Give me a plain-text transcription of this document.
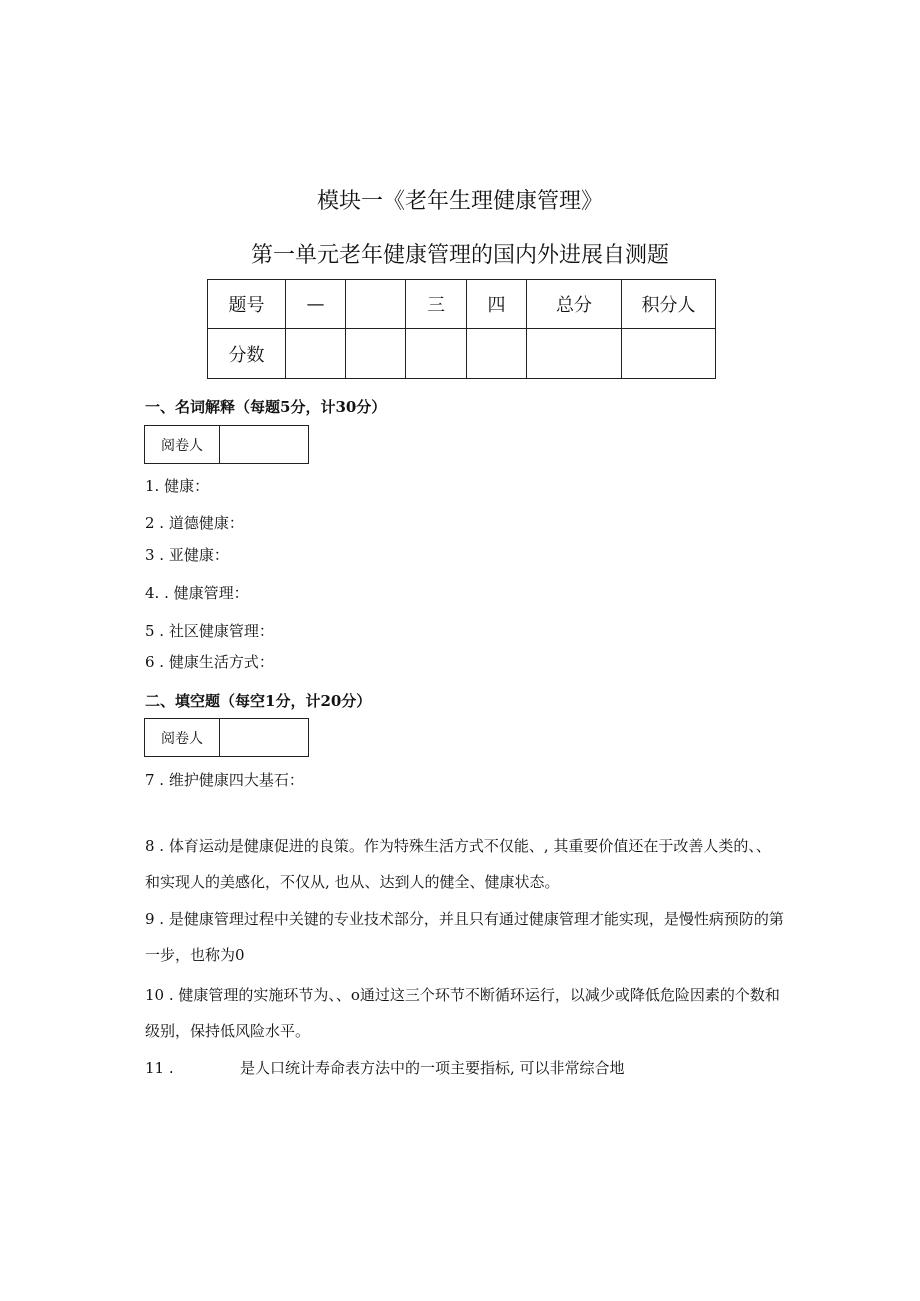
模块一《老年生理健康管理》
第一单元老年健康管理的国内外进展自测题
题号	—		三	四	总分	积分人
分数						
一、名词解释（每题5分，计30分）
阅卷人	
1. 健康：
2 . 道德健康：
3 . 亚健康：
4. . 健康管理：
5 . 社区健康管理：
6 . 健康生活方式：
二、填空题（每空1分，计20分）
阅卷人	
7 . 维护健康四大基石：
8 . 体育运动是健康促进的良策。作为特殊生活方式不仅能、, 其重要价值还在于改善人类的、、和实现人的美感化，不仅从, 也从、达到人的健全、健康状态。
9 . 是健康管理过程中关键的专业技术部分，并且只有通过健康管理才能实现，是慢性病预防的第一步，也称为0
10 . 健康管理的实施环节为、、o通过这三个环节不断循环运行，以减少或降低危险因素的个数和级别，保持低风险水平。
11 .	是人口统计寿命表方法中的一项主要指标, 可以非常综合地
